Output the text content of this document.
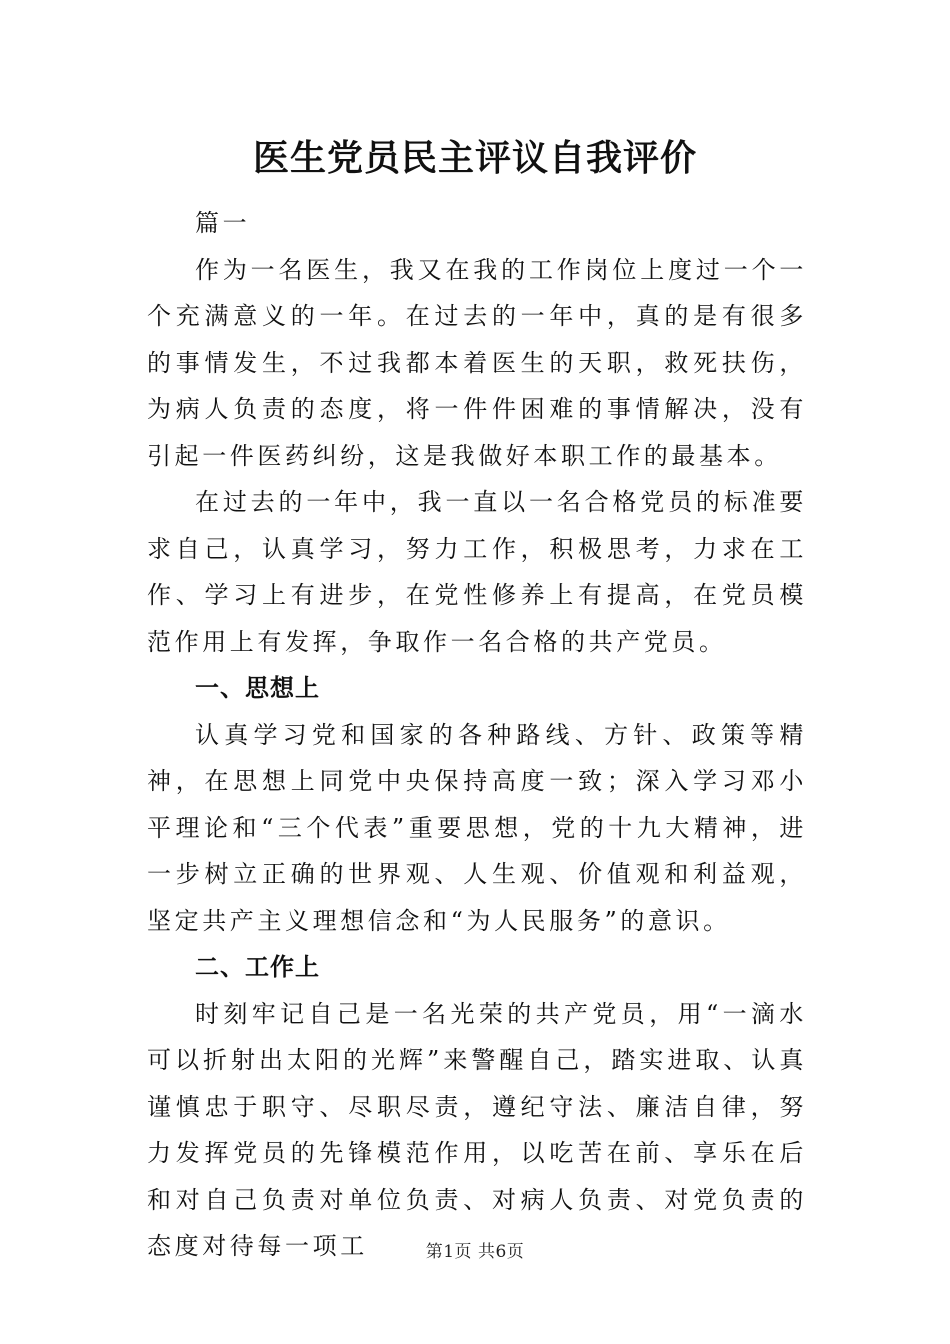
医生党员民主评议自我评价

篇一

作为一名医生，我又在我的工作岗位上度过一个一个充满意义的一年。在过去的一年中，真的是有很多的事情发生，不过我都本着医生的天职，救死扶伤，为病人负责的态度，将一件件困难的事情解决，没有引起一件医药纠纷，这是我做好本职工作的最基本。

在过去的一年中，我一直以一名合格党员的标准要求自己，认真学习，努力工作，积极思考，力求在工作、学习上有进步，在党性修养上有提高，在党员模范作用上有发挥，争取作一名合格的共产党员。

一、思想上

认真学习党和国家的各种路线、方针、政策等精神，在思想上同党中央保持高度一致；深入学习邓小平理论和“三个代表”重要思想，党的十九大精神，进一步树立正确的世界观、人生观、价值观和利益观，坚定共产主义理想信念和“为人民服务”的意识。

二、工作上

时刻牢记自己是一名光荣的共产党员，用“一滴水可以折射出太阳的光辉”来警醒自己，踏实进取、认真谨慎忠于职守、尽职尽责，遵纪守法、廉洁自律，努力发挥党员的先锋模范作用，以吃苦在前、享乐在后和对自己负责对单位负责、对病人负责、对党负责的态度对待每一项工	第1页 共6页
